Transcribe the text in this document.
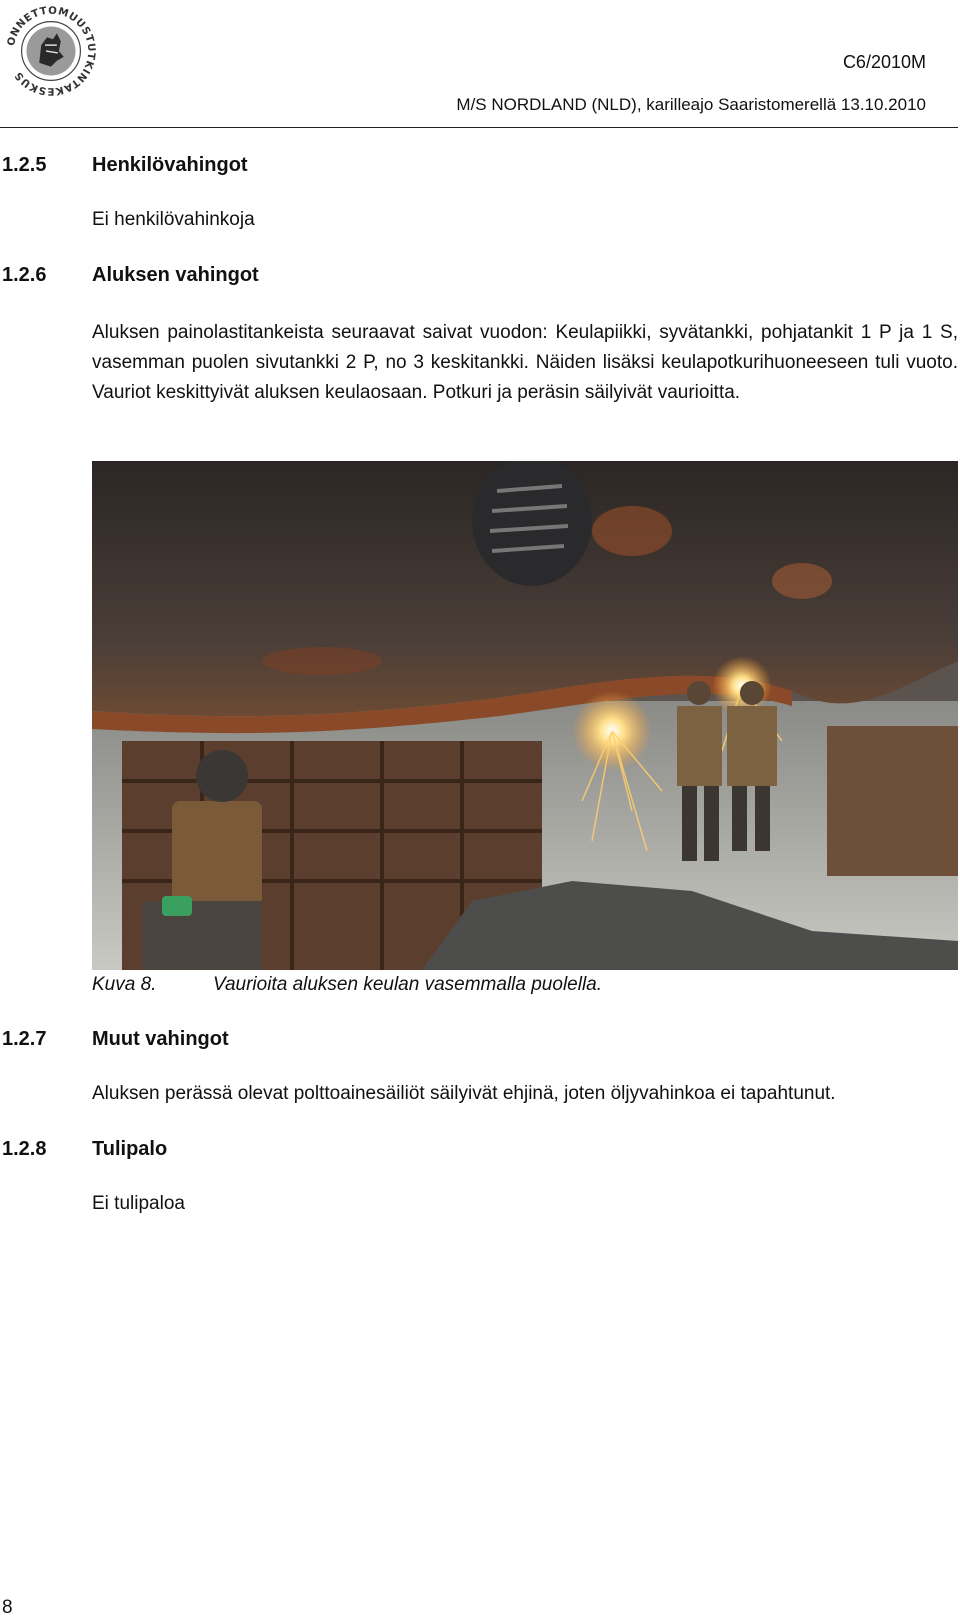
ONNETTOMUUSTUTKINTAKESKUS
C6/2010M
M/S NORDLAND (NLD), karilleajo Saaristomerellä 13.10.2010
1.2.5 Henkilövahingot
Ei henkilövahinkoja
1.2.6 Aluksen vahingot
Aluksen painolastitankeista seuraavat saivat vuodon: Keulapiikki, syvätankki, pohjatankit 1 P ja 1 S, vasemman puolen sivutankki 2 P, no 3 keskitankki. Näiden lisäksi keulapotkurihuoneeseen tuli vuoto. Vauriot keskittyivät aluksen keulaosaan. Potkuri ja peräsin säilyivät vaurioitta.
Kuva 8.	Vaurioita aluksen keulan vasemmalla puolella.
1.2.7 Muut vahingot
Aluksen perässä olevat polttoainesäiliöt säilyivät ehjinä, joten öljyvahinkoa ei tapahtunut.
1.2.8 Tulipalo
Ei tulipaloa
8
